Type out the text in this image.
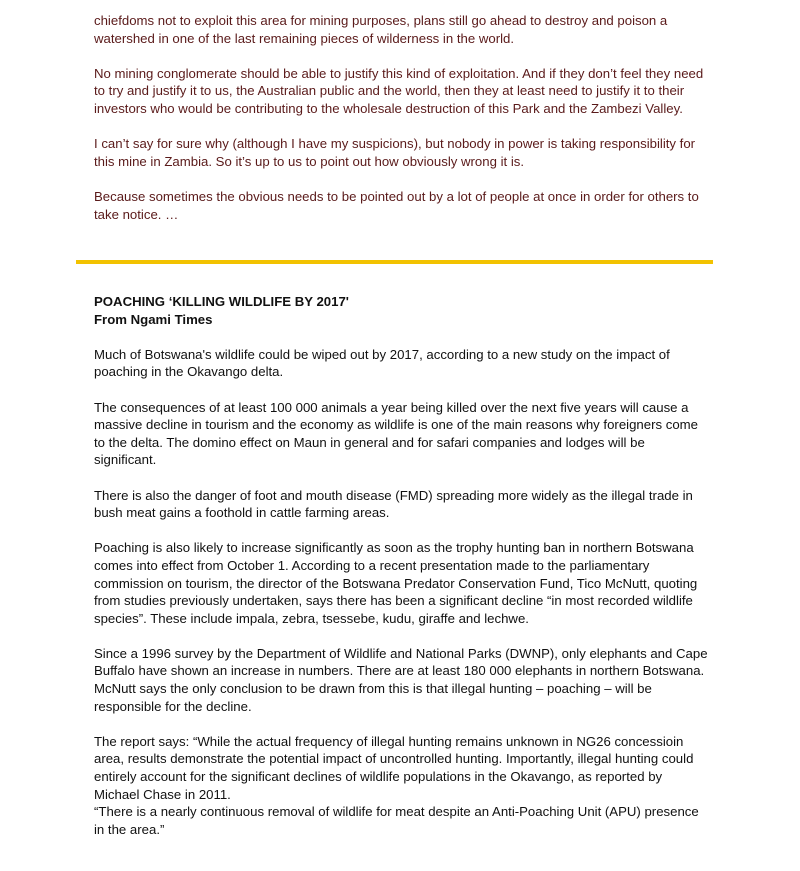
chiefdoms not to exploit this area for mining purposes, plans still go ahead to destroy and poison a watershed in one of the last remaining pieces of wilderness in the world.

No mining conglomerate should be able to justify this kind of exploitation. And if they don’t feel they need to try and justify it to us, the Australian public and the world, then they at least need to justify it to their investors who would be contributing to the wholesale destruction of this Park and the Zambezi Valley.

I can’t say for sure why (although I have my suspicions), but nobody in power is taking responsibility for this mine in Zambia. So it’s up to us to point out how obviously wrong it is.

Because sometimes the obvious needs to be pointed out by a lot of people at once in order for others to take notice. …

POACHING ‘KILLING WILDLIFE BY 2017'

From Ngami Times

Much of Botswana's wildlife could be wiped out by 2017, according to a new study on the impact of poaching in the Okavango delta.

The consequences of at least 100 000 animals a year being killed over the next five years will cause a massive decline in tourism and the economy as wildlife is one of the main reasons why foreigners come to the delta. The domino effect on Maun in general and for safari companies and lodges will be significant.

There is also the danger of foot and mouth disease (FMD) spreading more widely as the illegal trade in bush meat gains a foothold in cattle farming areas.

Poaching is also likely to increase significantly as soon as the trophy hunting ban in northern Botswana comes into effect from October 1. According to a recent presentation made to the parliamentary commission on tourism, the director of the Botswana Predator Conservation Fund, Tico McNutt, quoting from studies previously undertaken, says there has been a significant decline “in most recorded wildlife species”. These include impala, zebra, tsessebe, kudu, giraffe and lechwe.

Since a 1996 survey by the Department of Wildlife and National Parks (DWNP), only elephants and Cape Buffalo have shown an increase in numbers. There are at least 180 000 elephants in northern Botswana. McNutt says the only conclusion to be drawn from this is that illegal hunting – poaching – will be responsible for the decline.

The report says: “While the actual frequency of illegal hunting remains unknown in NG26 concessioin area, results demonstrate the potential impact of uncontrolled hunting. Importantly, illegal hunting could entirely account for the significant declines of wildlife populations in the Okavango, as reported by Michael Chase in 2011.

“There is a nearly continuous removal of wildlife for meat despite an Anti-Poaching Unit (APU) presence in the area.”
